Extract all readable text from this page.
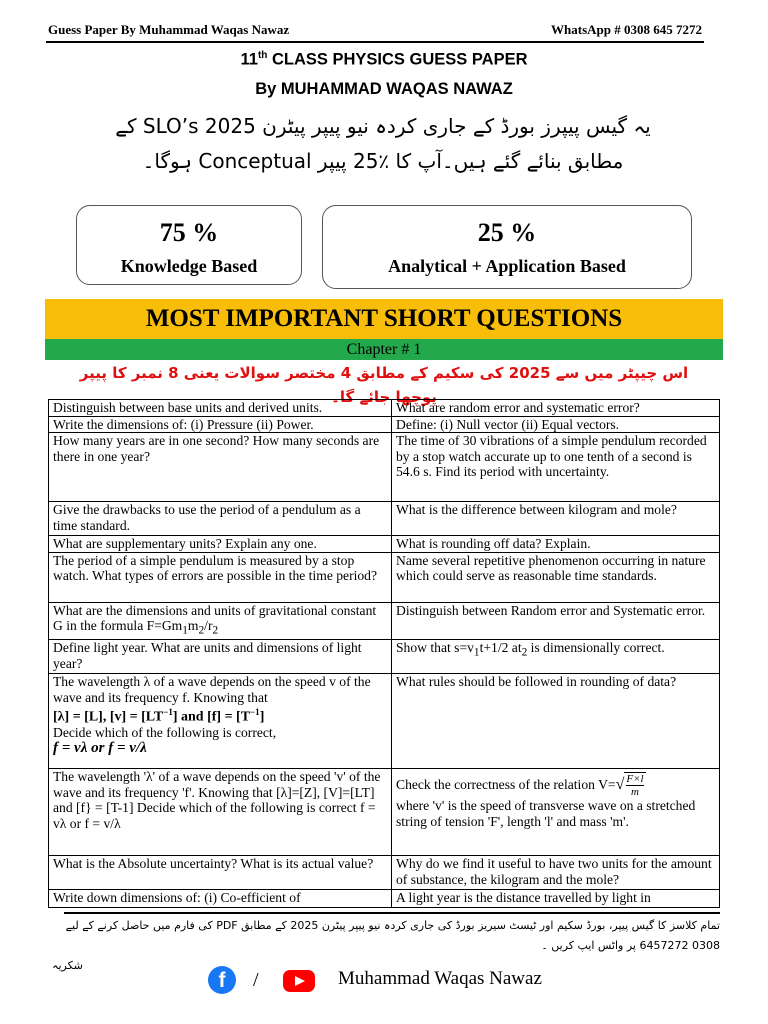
Guess Paper By Muhammad Waqas Nawaz	WhatsApp # 0308 645 7272
11th CLASS PHYSICS GUESS PAPER
By MUHAMMAD WAQAS NAWAZ
یہ گیس پیپرز بورڈ کے جاری کردہ نیو پیپر پیٹرن SLO’s 2025 کے
مطابق بنائے گئے ہیں۔آپ کا ٪25 پیپر Conceptual ہوگا۔
75 %
Knowledge Based
25 %
Analytical + Application Based
MOST IMPORTANT SHORT QUESTIONS
Chapter # 1
اس چیپٹر میں سے 2025 کی سکیم کے مطابق 4 مختصر سوالات یعنی 8 نمبر کا پیپر پوچھا جائے گا۔
Distinguish between base units and derived units.	What are random error and systematic error?
Write the dimensions of: (i) Pressure (ii) Power.	Define: (i) Null vector (ii) Equal vectors.
How many years are in one second? How many seconds are there in one year?	The time of 30 vibrations of a simple pendulum recorded by a stop watch accurate up to one tenth of a second is 54.6 s. Find its period with uncertainty.
Give the drawbacks to use the period of a pendulum as a time standard.	What is the difference between kilogram and mole?
What are supplementary units? Explain any one.	What is rounding off data? Explain.
The period of a simple pendulum is measured by a stop watch. What types of errors are possible in the time period?	Name several repetitive phenomenon occurring in nature which could serve as reasonable time standards.
What are the dimensions and units of gravitational constant G in the formula $F=Gm_1m_2/r_2$	Distinguish between Random error and Systematic error.
Define light year. What are units and dimensions of light year?	Show that $s=v_1t+1/2$ $at_2$ is dimensionally correct.

The wavelength λ of a wave depends on the speed v of the wave and its frequency f. Knowing that
[λ] = [L], $[v] = [LT^{-1}]$ and $[f] = [T^{-1}]$
Decide which of the following is correct,
f = vλ or f = v/λ	What rules should be followed in rounding of data?
The wavelength 'λ' of a wave depends on the speed 'v' of the wave and its frequency 'f'. Knowing that [λ]=[Z], [V]=[LT] and [f} = [T-1] Decide which of the following is correct f = vλ or f = v/λ	Check the correctness of the relation V= √ F×l
m
where 'v' is the speed of transverse wave on a stretched string of tension 'F', length 'l' and mass 'm'.

What is the Absolute uncertainty? What is its actual value?	Why do we find it useful to have two units for the amount of substance, the kilogram and the mole?
Write down dimensions of: (i) Co-efficient of	A light year is the distance travelled by light in
تمام کلاسز کا گیس پیپر، بورڈ سکیم اور ٹیسٹ سیریز بورڈ کی جاری کردہ نیو پیپر پیٹرن 2025 کے مطابق PDF کی فارم میں حاصل کرنے کے لیے 0308 6457272 پر واٹس ایپ کریں ۔
شکریہ
f	/	Muhammad Waqas Nawaz
